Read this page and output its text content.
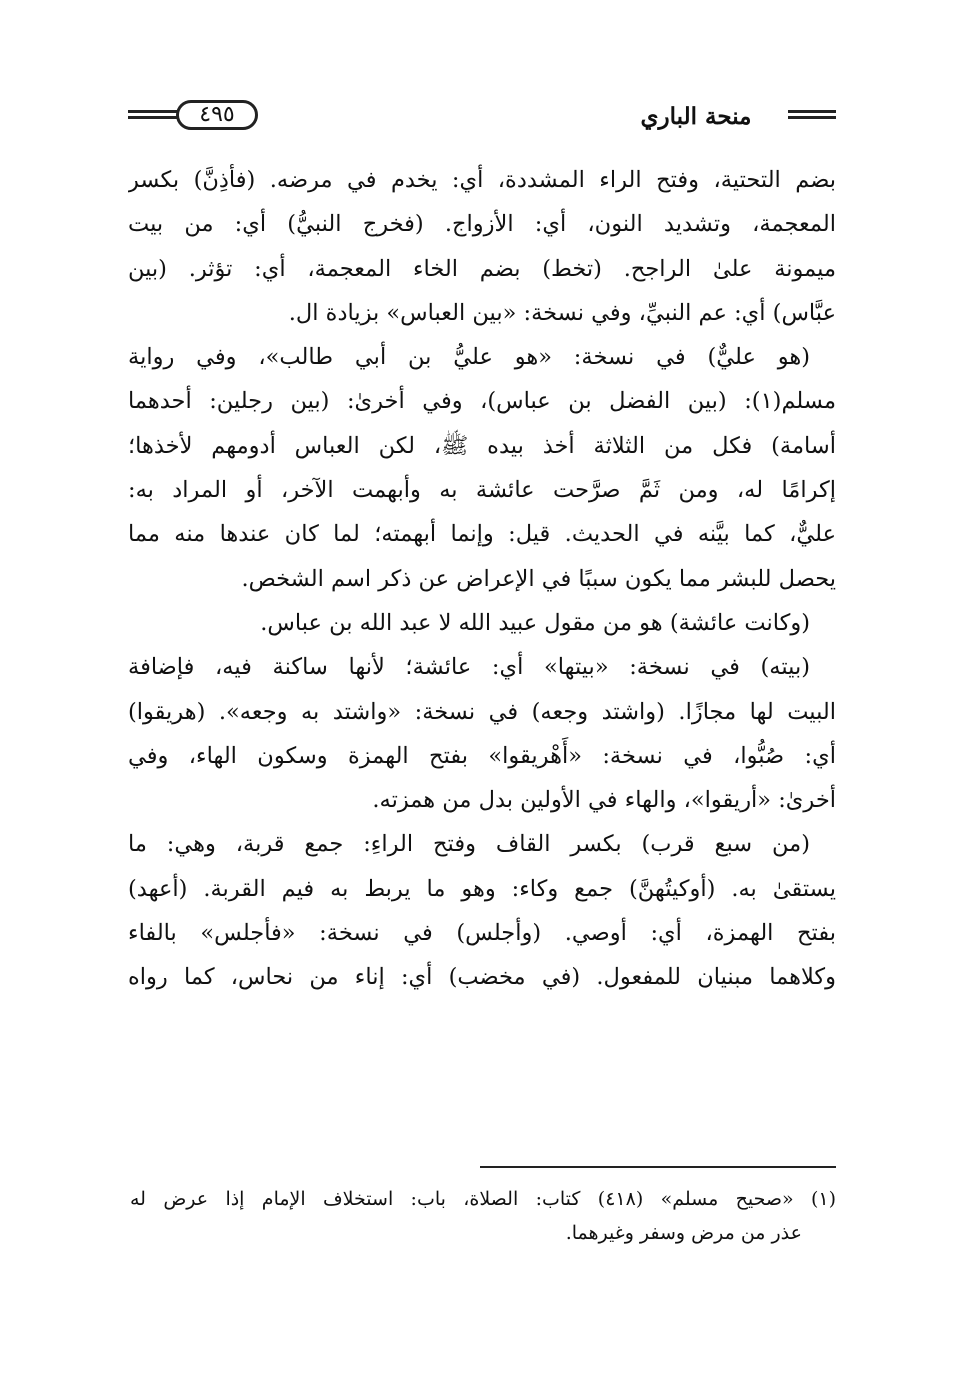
٤٩٥	منحة الباري
بضم التحتية، وفتح الراء المشددة، أي: يخدم في مرضه. (فأذِنَّ) بكسر
المعجمة، وتشديد النون، أي: الأزواج. (فخرج النبيُّ) أي: من بيت
ميمونة علىٰ الراجح. (تخط) بضم الخاء المعجمة، أي: تؤثر. (بين
عبَّاس) أي: عم النبيِّ، وفي نسخة: «بين العباس» بزيادة ال.
(هو عليٌّ) في نسخة: «هو عليُّ بن أبي طالب»، وفي رواية
مسلم(١): (بين الفضل بن عباس)، وفي أخرىٰ: (بين رجلين: أحدهما
أسامة) فكل من الثلاثة أخذ بيده ﷺ، لكن العباس أدومهم لأخذها؛
إكرامًا له، ومن ثَمَّ صرَّحت عائشة به وأبهمت الآخر، أو المراد به:
عليٌّ، كما بيَّنه في الحديث. قيل: وإنما أبهمته؛ لما كان عندها منه مما
يحصل للبشر مما يكون سببًا في الإعراض عن ذكر اسم الشخص.
(وكانت عائشة) هو من مقول عبيد الله لا عبد الله بن عباس.
(بيته) في نسخة: «بيتها» أي: عائشة؛ لأنها ساكنة فيه، فإضافة
البيت لها مجازًا. (واشتد وجعه) في نسخة: «واشتد به وجعه». (هريقوا)
أي: صُبُّوا، في نسخة: «أَهْريقوا» بفتح الهمزة وسكون الهاء، وفي
أخرىٰ: «أريقوا»، والهاء في الأولين بدل من همزته.
(من سبع قرب) بكسر القاف وفتح الراءِ: جمع قربة، وهي: ما
يستقىٰ به. (أوكيتُهنَّ) جمع وكاء: وهو ما يربط به فيم القربة. (أعهد)
بفتح الهمزة، أي: أوصي. (وأجلس) في نسخة: «فأجلس» بالفاء
وكلاهما مبنيان للمفعول. (في مخضب) أي: إناء من نحاس، كما رواه
(١) «صحيح مسلم» (٤١٨) كتاب: الصلاة، باب: استخلاف الإمام إذا عرض له
عذر من مرض وسفر وغيرهما.
